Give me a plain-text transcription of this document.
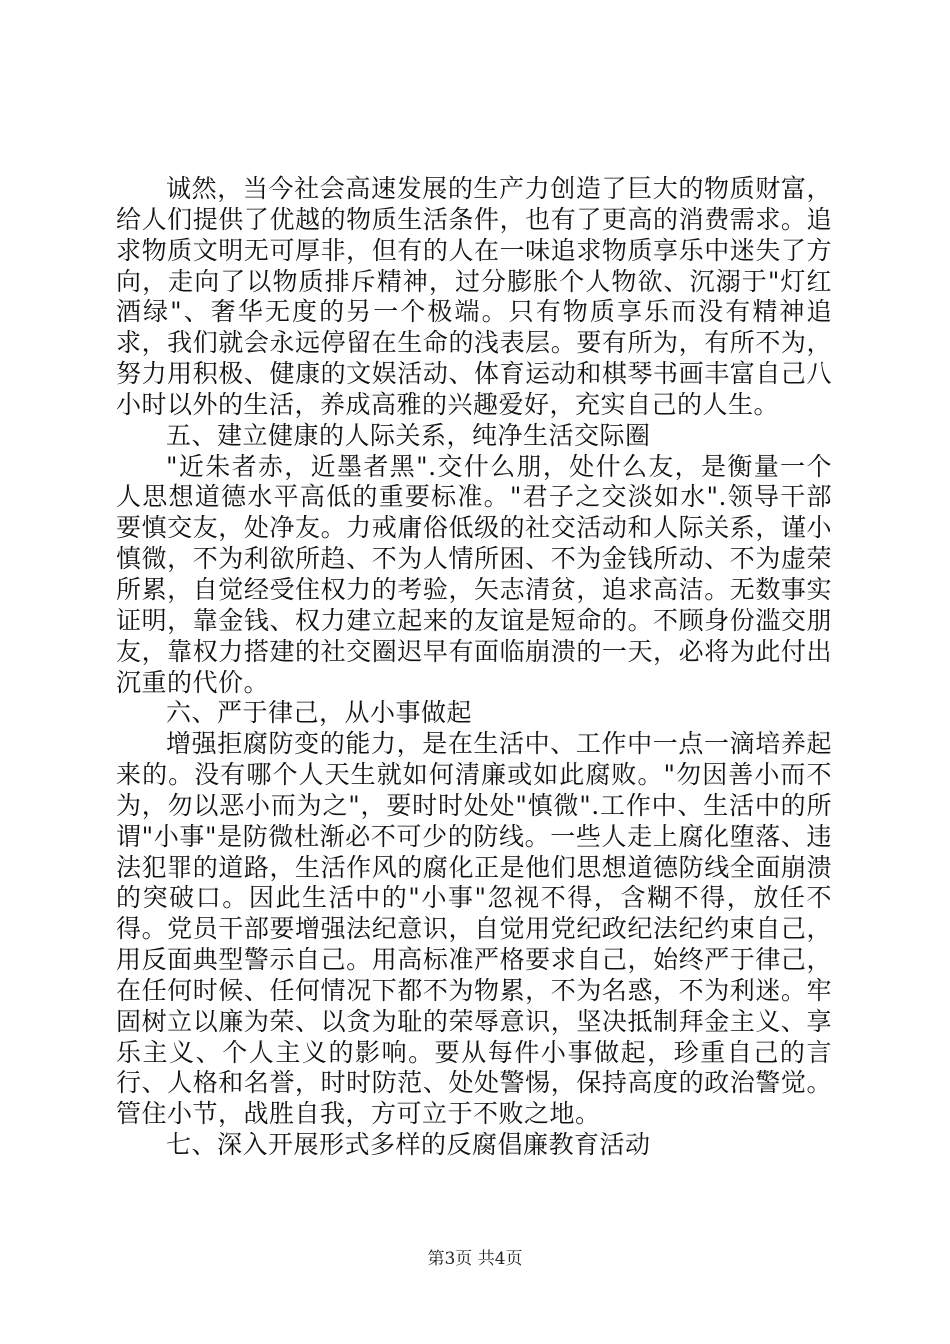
诚然，当今社会高速发展的生产力创造了巨大的物质财富，给人们提供了优越的物质生活条件，也有了更高的消费需求。追求物质文明无可厚非，但有的人在一味追求物质享乐中迷失了方向，走向了以物质排斥精神，过分膨胀个人物欲、沉溺于"灯红酒绿"、奢华无度的另一个极端。只有物质享乐而没有精神追求，我们就会永远停留在生命的浅表层。要有所为，有所不为，努力用积极、健康的文娱活动、体育运动和棋琴书画丰富自己八小时以外的生活，养成高雅的兴趣爱好，充实自己的人生。

五、建立健康的人际关系，纯净生活交际圈

"近朱者赤，近墨者黑".交什么朋，处什么友，是衡量一个人思想道德水平高低的重要标准。"君子之交淡如水".领导干部要慎交友，处净友。力戒庸俗低级的社交活动和人际关系，谨小慎微，不为利欲所趋、不为人情所困、不为金钱所动、不为虚荣所累，自觉经受住权力的考验，矢志清贫，追求高洁。无数事实证明，靠金钱、权力建立起来的友谊是短命的。不顾身份滥交朋友，靠权力搭建的社交圈迟早有面临崩溃的一天，必将为此付出沉重的代价。

六、严于律己，从小事做起

增强拒腐防变的能力，是在生活中、工作中一点一滴培养起来的。没有哪个人天生就如何清廉或如此腐败。"勿因善小而不为，勿以恶小而为之"，要时时处处"慎微".工作中、生活中的所谓"小事"是防微杜渐必不可少的防线。一些人走上腐化堕落、违法犯罪的道路，生活作风的腐化正是他们思想道德防线全面崩溃的突破口。因此生活中的"小事"忽视不得，含糊不得，放任不得。党员干部要增强法纪意识，自觉用党纪政纪法纪约束自己，用反面典型警示自己。用高标准严格要求自己，始终严于律己，在任何时候、任何情况下都不为物累，不为名惑，不为利迷。牢固树立以廉为荣、以贪为耻的荣辱意识，坚决抵制拜金主义、享乐主义、个人主义的影响。要从每件小事做起，珍重自己的言行、人格和名誉，时时防范、处处警惕，保持高度的政治警觉。管住小节，战胜自我，方可立于不败之地。

七、深入开展形式多样的反腐倡廉教育活动

第3页 共4页
